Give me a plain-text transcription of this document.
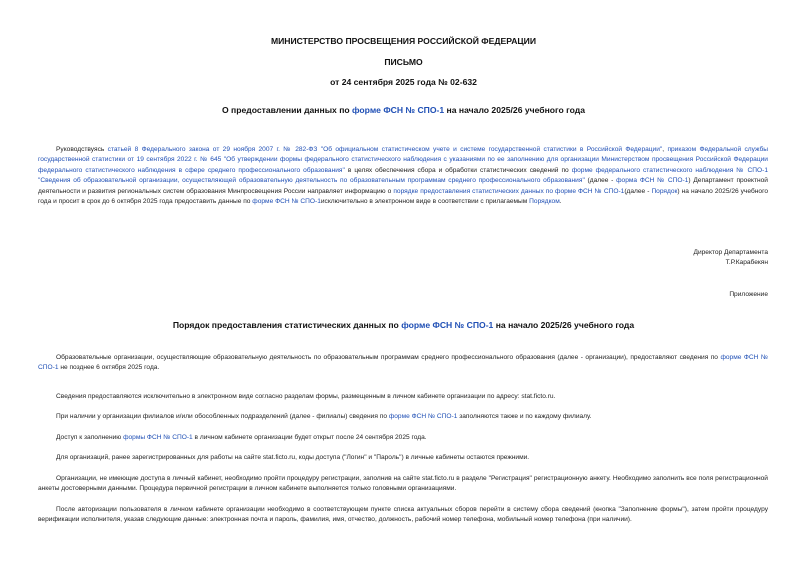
МИНИСТЕРСТВО ПРОСВЕЩЕНИЯ РОССИЙСКОЙ ФЕДЕРАЦИИ
ПИСЬМО
от 24 сентября 2025 года № 02-632
О предоставлении данных по форме ФСН № СПО-1 на начало 2025/26 учебного года
Руководствуясь статьей 8 Федерального закона от 29 ноября 2007 г. № 282-ФЗ "Об официальном статистическом учете и системе государственной статистики в Российской Федерации", приказом Федеральной службы государственной статистики от 19 сентября 2022 г. № 645 "Об утверждении формы федерального статистического наблюдения с указаниями по ее заполнению для организации Министерством просвещения Российской Федерации федерального статистического наблюдения в сфере среднего профессионального образования" в целях обеспечения сбора и обработки статистических сведений по форме федерального статистического наблюдения № СПО-1 "Сведения об образовательной организации, осуществляющей образовательную деятельность по образовательным программам среднего профессионального образования" (далее - форма ФСН № СПО-1) Департамент проектной деятельности и развития региональных систем образования Минпросвещения России направляет информацию о порядке предоставления статистических данных по форме ФСН № СПО-1(далее - Порядок) на начало 2025/26 учебного года и просит в срок до 6 октября 2025 года предоставить данные по форме ФСН № СПО-1исключительно в электронном виде в соответствии с прилагаемым Порядком.
Директор Департамента
Т.Р.Карабекян
Приложение
Порядок предоставления статистических данных по форме ФСН № СПО-1 на начало 2025/26 учебного года
Образовательные организации, осуществляющие образовательную деятельность по образовательным программам среднего профессионального образования (далее - организации), предоставляют сведения по форме ФСН № СПО-1 не позднее 6 октября 2025 года.
Сведения предоставляются исключительно в электронном виде согласно разделам формы, размещенным в личном кабинете организации по адресу: stat.ficto.ru.
При наличии у организации филиалов и/или обособленных подразделений (далее - филиалы) сведения по форме ФСН № СПО-1 заполняются также и по каждому филиалу.
Доступ к заполнению формы ФСН № СПО-1 в личном кабинете организации будет открыт после 24 сентября 2025 года.
Для организаций, ранее зарегистрированных для работы на сайте stat.ficto.ru, коды доступа ("Логин" и "Пароль") в личные кабинеты остаются прежними.
Организации, не имеющие доступа в личный кабинет, необходимо пройти процедуру регистрации, заполнив на сайте stat.ficto.ru в разделе "Регистрация" регистрационную анкету. Необходимо заполнить все поля регистрационной анкеты достоверными данными. Процедура первичной регистрации в личном кабинете выполняется только головными организациями.
После авторизации пользователя в личном кабинете организации необходимо в соответствующем пункте списка актуальных сборов перейти в систему сбора сведений (кнопка "Заполнение формы"), затем пройти процедуру верификации исполнителя, указав следующие данные: электронная почта и пароль, фамилия, имя, отчество, должность, рабочий номер телефона, мобильный номер телефона (при наличии).
